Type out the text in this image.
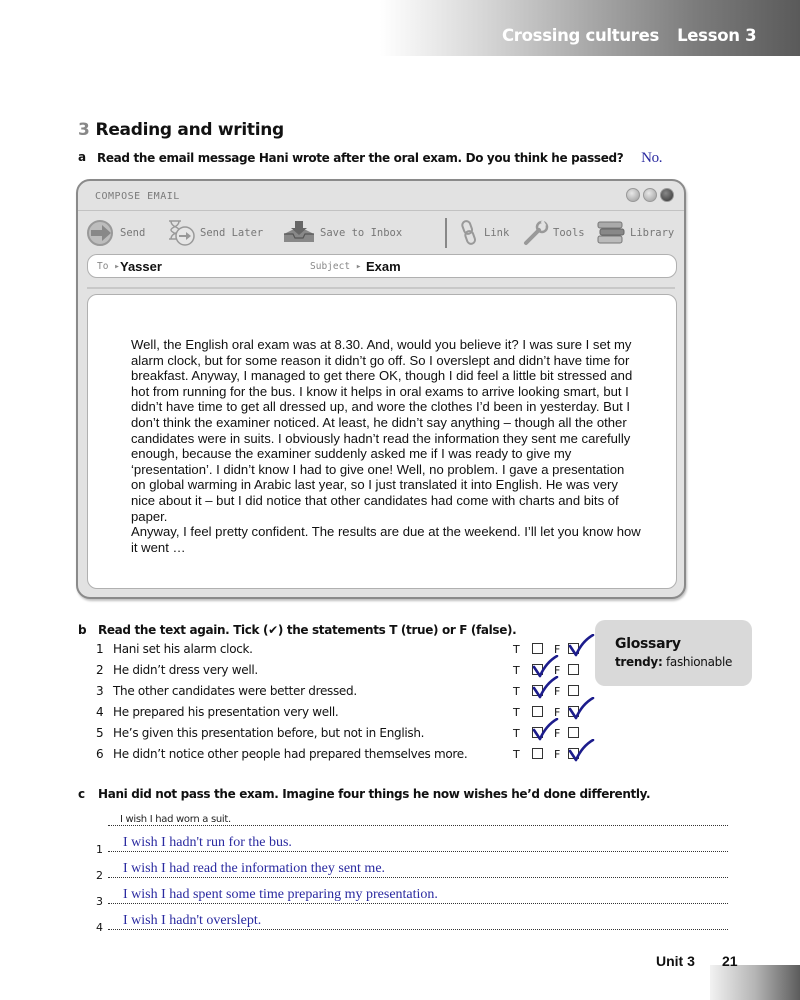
Crossing cultures Lesson 3
3 Reading and writing
a Read the email message Hani wrote after the oral exam. Do you think he passed? No.
COMPOSE EMAIL
Send	Send Later	Save to Inbox	Link	Tools	Library
To ▸ Yasser	Subject ▸ Exam

Well, the English oral exam was at 8.30. And, would you believe it? I was sure I set my alarm clock, but for some reason it didn’t go off. So I overslept and didn’t have time for breakfast. Anyway, I managed to get there OK, though I did feel a little bit stressed and hot from running for the bus. I know it helps in oral exams to arrive looking smart, but I didn’t have time to get all dressed up, and wore the clothes I’d been in yesterday. But I don’t think the examiner noticed. At least, he didn’t say anything – though all the other candidates were in suits. I obviously hadn’t read the information they sent me carefully enough, because the examiner suddenly asked me if I was ready to give my ‘presentation’. I didn’t know I had to give one! Well, no problem. I gave a presentation on global warming in Arabic last year, so I just translated it into English. He was very nice about it – but I did notice that other candidates had come with charts and bits of paper.

Anyway, I feel pretty confident. The results are due at the weekend. I’ll let you know how it went …

b Read the text again. Tick (✔) the statements T (true) or F (false).
1 Hani set his alarm clock.	T	F
2 He didn’t dress very well.	T	F
3 The other candidates were better dressed.	T	F
4 He prepared his presentation very well.	T	F
5 He’s given this presentation before, but not in English.	T	F
6 He didn’t notice other people had prepared themselves more.	T	F
Glossary
trendy: fashionable
c Hani did not pass the exam. Imagine four things he now wishes he’d done differently.
I wish I had worn a suit.
1 I wish I hadn't run for the bus.
2 I wish I had read the information they sent me.
3 I wish I had spent some time preparing my presentation.
4 I wish I hadn't overslept.
Unit 3 21
